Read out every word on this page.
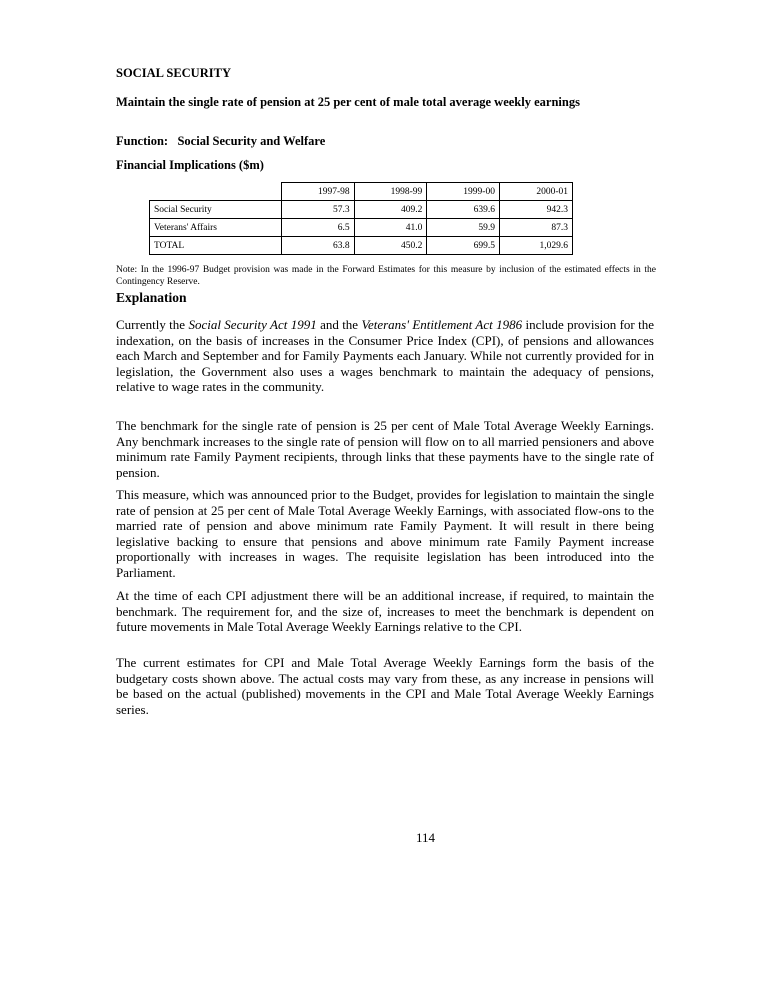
SOCIAL SECURITY
Maintain the single rate of pension at 25 per cent of male total average weekly earnings
Function: Social Security and Welfare
Financial Implications ($m)
	1997-98	1998-99	1999-00	2000-01
Social Security	57.3	409.2	639.6	942.3
Veterans' Affairs	6.5	41.0	59.9	87.3
TOTAL	63.8	450.2	699.5	1,029.6
Note: In the 1996-97 Budget provision was made in the Forward Estimates for this measure by inclusion of the estimated effects in the Contingency Reserve.
Explanation

Currently the Social Security Act 1991 and the Veterans' Entitlement Act 1986 include provision for the indexation, on the basis of increases in the Consumer Price Index (CPI), of pensions and allowances each March and September and for Family Payments each January. While not currently provided for in legislation, the Government also uses a wages benchmark to maintain the adequacy of pensions, relative to wage rates in the community.

The benchmark for the single rate of pension is 25 per cent of Male Total Average Weekly Earnings. Any benchmark increases to the single rate of pension will flow on to all married pensioners and above minimum rate Family Payment recipients, through links that these payments have to the single rate of pension.

This measure, which was announced prior to the Budget, provides for legislation to maintain the single rate of pension at 25 per cent of Male Total Average Weekly Earnings, with associated flow-ons to the married rate of pension and above minimum rate Family Payment. It will result in there being legislative backing to ensure that pensions and above minimum rate Family Payment increase proportionally with increases in wages. The requisite legislation has been introduced into the Parliament.

At the time of each CPI adjustment there will be an additional increase, if required, to maintain the benchmark. The requirement for, and the size of, increases to meet the benchmark is dependent on future movements in Male Total Average Weekly Earnings relative to the CPI.

The current estimates for CPI and Male Total Average Weekly Earnings form the basis of the budgetary costs shown above. The actual costs may vary from these, as any increase in pensions will be based on the actual (published) movements in the CPI and Male Total Average Weekly Earnings series.

114
